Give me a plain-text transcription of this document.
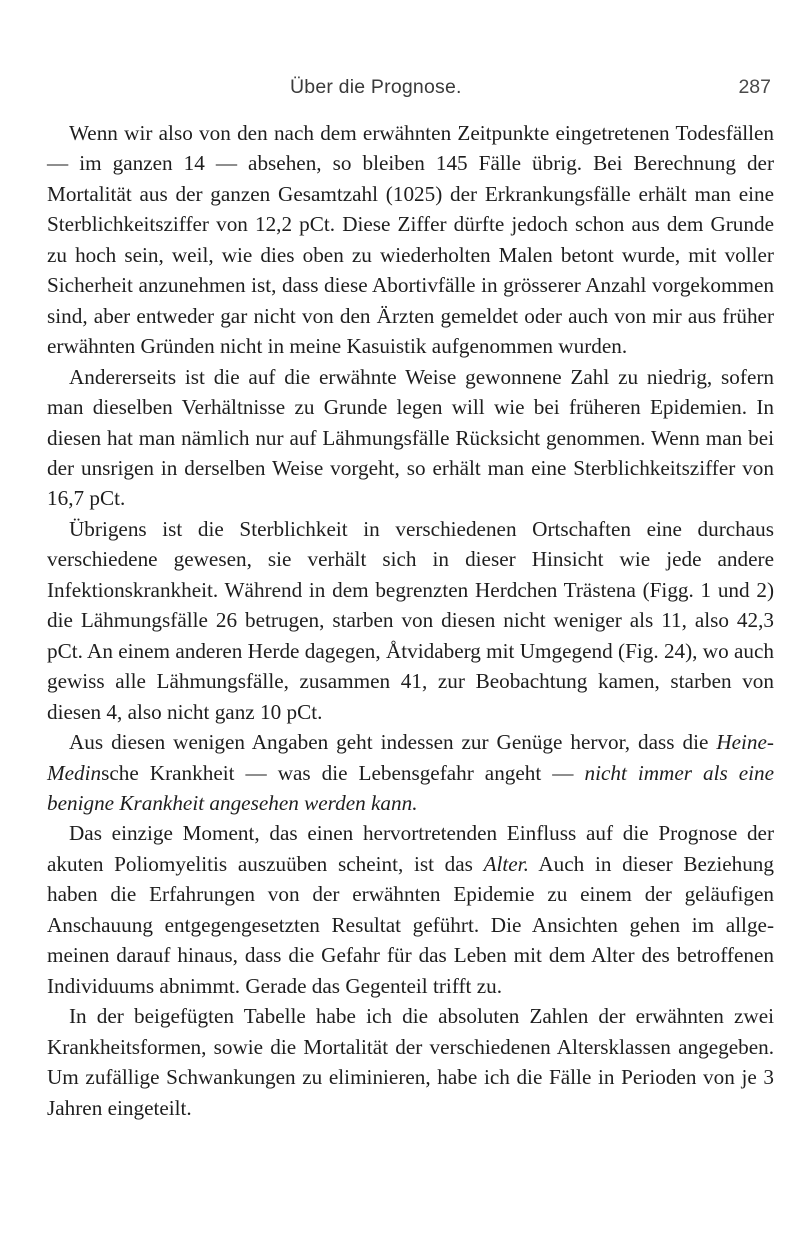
Über die Prognose.	287

Wenn wir also von den nach dem erwähnten Zeitpunkte eingetretenen Todesfällen — im ganzen 14 — absehen, so bleiben 145 Fälle übrig. Bei Berechnung der Mortalität aus der ganzen Gesamtzahl (1025) der Erkrankungsfälle erhält man eine Sterblichkeitsziffer von 12,2 pCt. Diese Ziffer dürfte jedoch schon aus dem Grunde zu hoch sein, weil, wie dies oben zu wiederholten Malen betont wurde, mit voller Sicherheit anzunehmen ist, dass diese Abortivfälle in grösserer Anzahl vorgekommen sind, aber entweder gar nicht von den Ärzten gemeldet oder auch von mir aus früher erwähnten Gründen nicht in meine Kasuistik aufgenommen wurden.

Andererseits ist die auf die erwähnte Weise gewonnene Zahl zu niedrig, sofern man dieselben Verhältnisse zu Grunde legen will wie bei früheren Epidemien. In diesen hat man nämlich nur auf Lähmungsfälle Rücksicht genommen. Wenn man bei der unsrigen in derselben Weise vorgeht, so erhält man eine Sterblichkeitsziffer von 16,7 pCt.

Übrigens ist die Sterblichkeit in verschiedenen Ortschaften eine durchaus verschiedene gewesen, sie verhält sich in dieser Hinsicht wie jede andere Infektionskrankheit. Während in dem begrenzten Herdchen Trästena (Figg. 1 und 2) die Lähmungsfälle 26 betrugen, starben von diesen nicht weniger als 11, also 42,3 pCt. An einem anderen Herde dagegen, Åtvidaberg mit Umgegend (Fig. 24), wo auch gewiss alle Lähmungsfälle, zusammen 41, zur Beobachtung kamen, starben von diesen 4, also nicht ganz 10 pCt.

Aus diesen wenigen Angaben geht indessen zur Genüge hervor, dass die Heine-Medinsche Krankheit — was die Lebensgefahr angeht — nicht immer als eine benigne Krankheit angesehen werden kann.

Das einzige Moment, das einen hervortretenden Einfluss auf die Prognose der akuten Poliomyelitis auszuüben scheint, ist das Alter. Auch in dieser Beziehung haben die Erfahrungen von der erwähnten Epidemie zu einem der geläufigen Anschauung entgegengesetzten Resultat geführt. Die Ansichten gehen im allgemeinen darauf hinaus, dass die Gefahr für das Leben mit dem Alter des betroffenen Individuums abnimmt. Gerade das Gegenteil trifft zu.

In der beigefügten Tabelle habe ich die absoluten Zahlen der erwähnten zwei Krankheitsformen, sowie die Mortalität der verschiedenen Altersklassen angegeben. Um zufällige Schwankungen zu eliminieren, habe ich die Fälle in Perioden von je 3 Jahren eingeteilt.
